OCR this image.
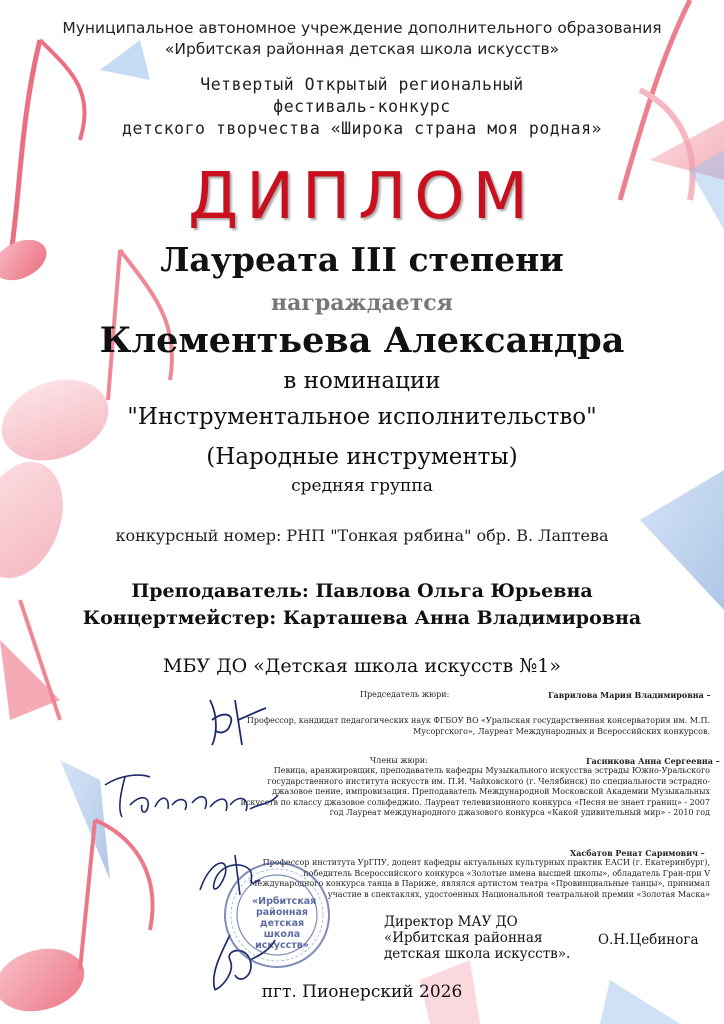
Муниципальное автономное учреждение дополнительного образования
«Ирбитская районная детская школа искусств»
Четвертый Открытый региональный
фестиваль-конкурс
детского творчества «Широка страна моя родная»
ДИПЛОМ
Лауреата III степени
награждается
Клементьева Александра
в номинации
"Инструментальное исполнительство"
(Народные инструменты)
средняя группа
конкурсный номер: РНП "Тонкая рябина" обр. В. Лаптева
Преподаватель: Павлова Ольга Юрьевна
Концертмейстер: Карташева Анна Владимировна
МБУ ДО «Детская школа искусств №1»
Председатель жюри:	Гаврилова Мария Владимировна –
Профессор, кандидат педагогических наук ФГБОУ ВО «Уральская государственная консерватория им. М.П. Мусоргского», Лауреат Международных и Всероссийских конкурсов.
Члены жюри:	Гасникова Анна Сергеевна –
Певица, аранжировщик, преподаватель кафедры Музыкального искусства эстрады Южно-Уральского государственного института искусств им. П.И. Чайковского (г. Челябинск) по специальности эстрадно-джазовое пение, импровизация. Преподаватель Международной Московской Академии Музыкальных искусств по классу джазовое сольфеджио. Лауреат телевизионного конкурса «Песня не знает границ» - 2007 год Лауреат международного джазового конкурса «Какой удивительный мир» - 2010 год
Хасбатов Ренат Саримович –
Профессор института УрГПУ, доцент кафедры актуальных культурных практик ЕАСИ (г. Екатеринбург), победитель Всероссийского конкурса «Золотые имена высшей школы», обладатель Гран-при V Международного конкурса танца в Париже, являлся артистом театра «Провинциальные танцы», принимал участие в спектаклях, удостоенных Национальной театральной премии «Золотая Маска»
«Ирбитская районная детская школа искусств»
Директор МАУ ДО
«Ирбитская районная
детская школа искусств».
О.Н.Цебинога
пгт. Пионерский 2026
